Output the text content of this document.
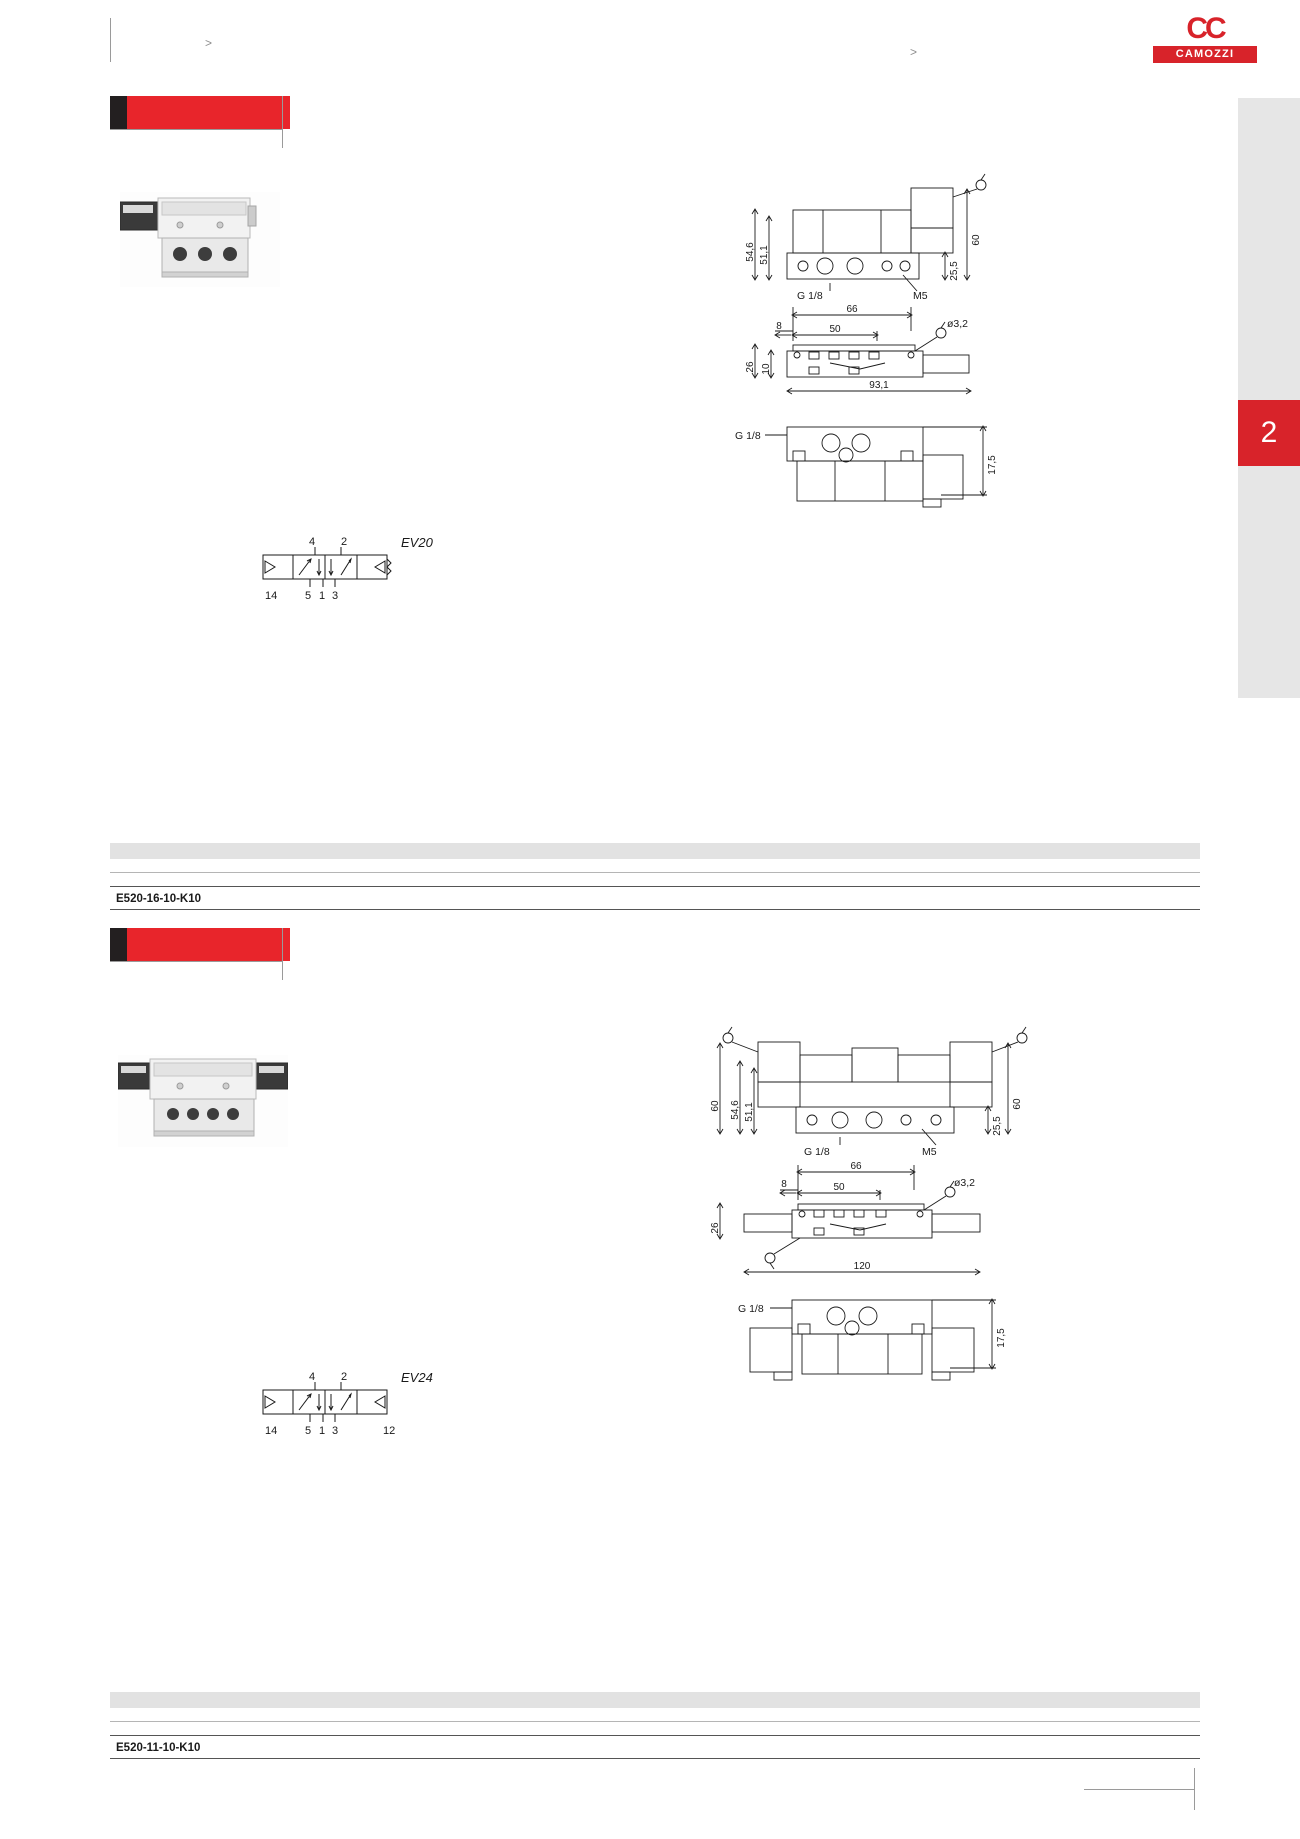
CC
CAMOZZI
2
>
>
4 2
14	5 1 3
EV20
54,6 51,1
60
25,5
G 1/8	M5
66
50
8	ø3,2
26 10
93,1
G 1/8
17,5
E520-16-10-K10
4 2
14	5 1 3	12
EV24
60 54,6 51,1	60
25,5
G 1/8	M5
66
50
8	ø3,2
26
120
G 1/8
17,5
E520-11-10-K10
